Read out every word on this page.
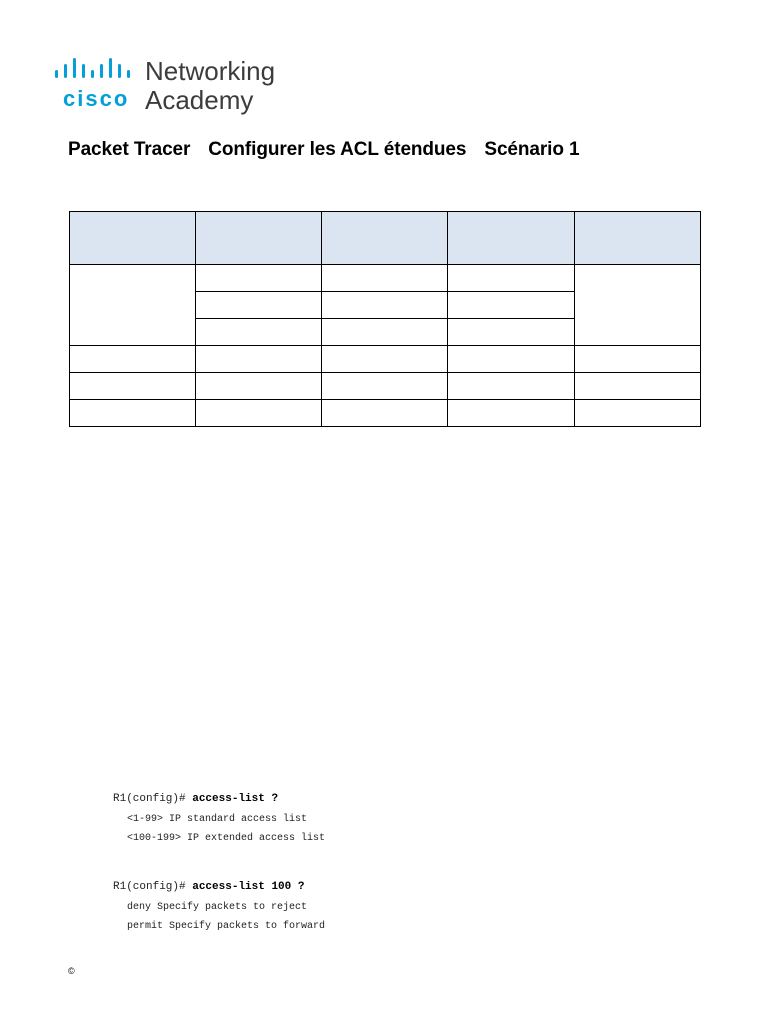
cisco
Networking
Academy
Packet Tracer Configurer les ACL étendues Scénario 1

R1(config)# access-list ?
<1-99> IP standard access list
<100-199> IP extended access list
R1(config)# access-list 100 ?
deny Specify packets to reject
permit Specify packets to forward
©
